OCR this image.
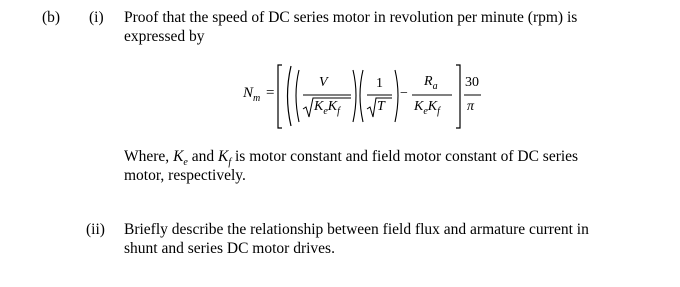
(b) (i) Proof that the speed of DC series motor in revolution per minute (rpm) is
expressed by
$N_m$ =
V
$K_eK_f$
1
T
−
$R_a$
$K_eK_f$
30
π
Where, $K_e$ and $K_f$ is motor constant and field motor constant of DC series
motor, respectively.
(ii) Briefly describe the relationship between field flux and armature current in
shunt and series DC motor drives.
